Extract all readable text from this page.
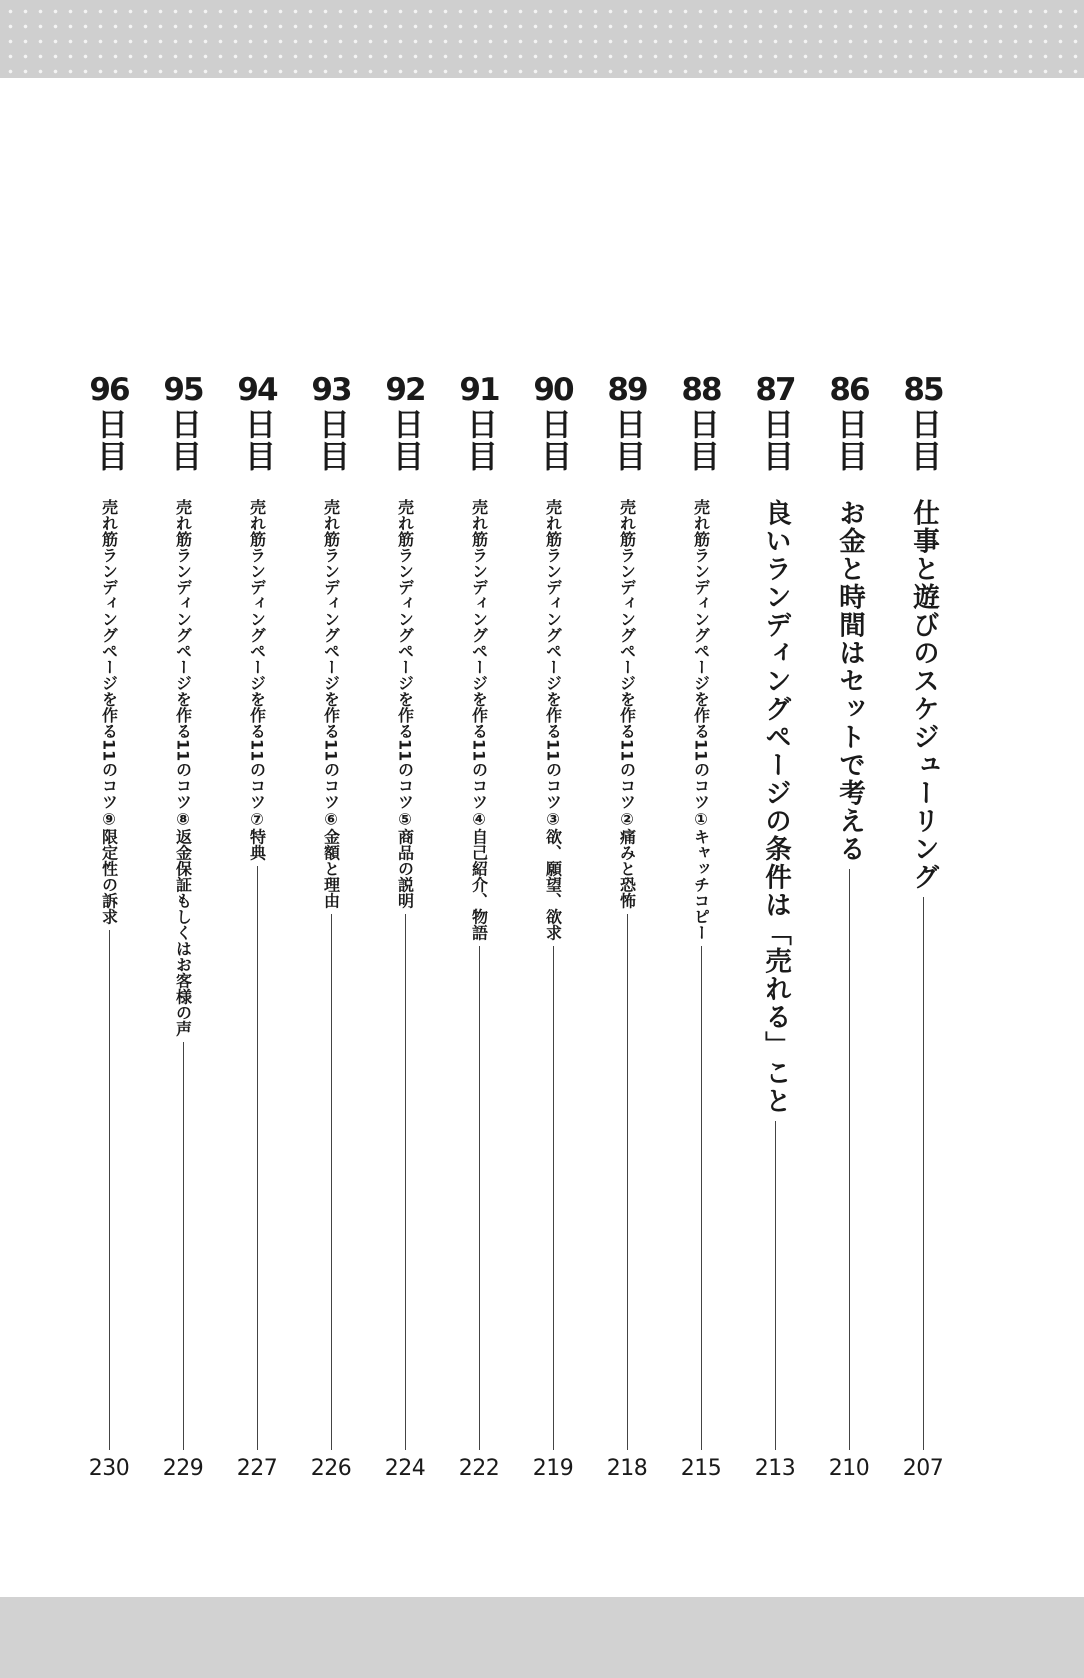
85
日目
仕事と遊びのスケジューリング
207
86
日目
お金と時間はセットで考える
210
87
日目
良いランディングページの条件は「売れる」こと
213
88
日目
売れ筋ランディングページを作る11のコツ①キャッチコピー
215
89
日目
売れ筋ランディングページを作る11のコツ②痛みと恐怖
218
90
日目
売れ筋ランディングページを作る11のコツ③欲、願望、欲求
219
91
日目
売れ筋ランディングページを作る11のコツ④自己紹介、物語
222
92
日目
売れ筋ランディングページを作る11のコツ⑤商品の説明
224
93
日目
売れ筋ランディングページを作る11のコツ⑥金額と理由
226
94
日目
売れ筋ランディングページを作る11のコツ⑦特典
227
95
日目
売れ筋ランディングページを作る11のコツ⑧返金保証もしくはお客様の声
229
96
日目
売れ筋ランディングページを作る11のコツ⑨限定性の訴求
230
